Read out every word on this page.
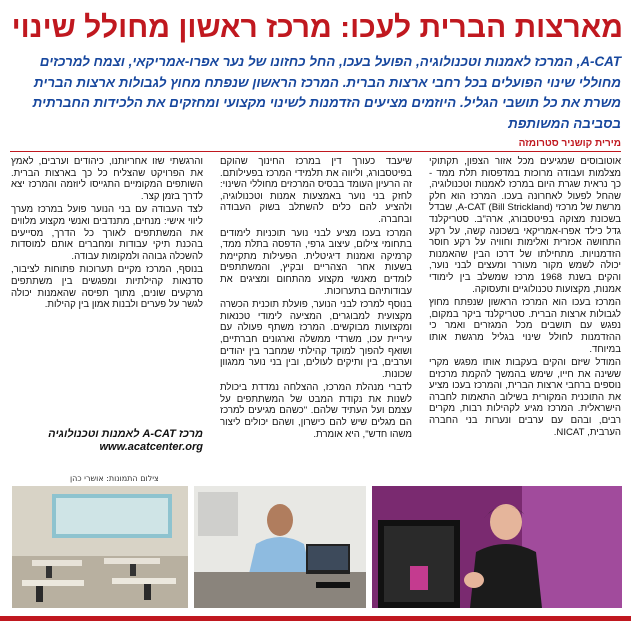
מארצות הברית לעכו: מרכז ראשון מחולל שינוי
A-CAT, המרכז לאמנות וטכנולוגיה, הפועל בעכו, החל כחזונו של נער אפרו-אמריקאי, וצמח למרכזים מחוללי שינוי הפועלים בכל רחבי ארצות הברית. המרכז הראשון שנפתח מחוץ לגבולות ארצות הברית משרת את כל תושבי הגליל. היוזמים מציעים הזדמנות לשינוי מקצועי ומחזקים את הלכידות החברתית בסביבה המשותפת
מירית קושניר סטרומזה

אוטובוסים שמגיעים מכל אזור הצפון, תקתוקי מצלמות ועבודה מרוכזת במדפסות תלת ממד - כך נראית שגרת היום במרכז לאמנות וטכנולוגיה, שהחל לפעול לאחרונה בעכו. המרכז הוא חלק מרשת של מרכזי A-CAT (Bill Strickland), שבדל בשכונת מצוקה בפיטסבורג, ארה"ב. סטריקלנד גדל כילד אפרו-אמריקאי בשכונה קשה, על רקע התחושה אכזרית ואלימות וחוויה על רקע חוסר הזדמנויות. מתחילתו של דרכו הבין שהאמנות יכולה לשמש מקור מעורר ומעצים לבני נוער, והקים בשנת 1968 מרכז שמשלב בין לימודי אמנות, מקצועות טכנולוגיים ותעסוקה.

המרכז בעכו הוא המרכז הראשון שנפתח מחוץ לגבולות ארצות הברית. סטריקלנד ביקר במקום, נפגש עם תושבים מכל המגזרים ואמר כי ההזדמנות לחולל שינוי בגליל מרגשת אותו במיוחד.

המודל שיזם והקים בעקבות אותו מפגש מקרי ששינה את חייו, שימש בהמשך להקמת מרכזים נוספים ברחבי ארצות הברית, והמרכז בעכו מציע את התוכנית המקורית בשילוב התאמות לחברה הישראלית. המרכז מגיע לקהילות רבות, מקרים רבים, ובהם עם ערבים ונערות בני החברה הערבית, NICAT.

שיעבד כעורך דין במרכז החינוך שהוקם בפיטסבורג, וליווה את תלמידי המרכז בפעילותם. זה הרעיון העומד בבסיס המרכזים מחוללי השינוי: לחזק בני נוער באמצעות אמנות וטכנולוגיה, ולהציע להם כלים להשתלב בשוק העבודה ובחברה.

המרכז בעכו מציע לבני נוער תוכניות לימודים בתחומי צילום, עיצוב גרפי, הדפסה בתלת ממד, קרמיקה ואמנות דיגיטלית. הפעילות מתקיימת בשעות אחר הצהריים ובקיץ, והמשתתפים לומדים מאנשי מקצוע מהתחום ומציגים את עבודותיהם בתערוכות.

בנוסף למרכז לבני הנוער, פועלת תוכנית הכשרה מקצועית למבוגרים, המציעה לימודי טכנאות ומקצועות מבוקשים. המרכז משתף פעולה עם עיריית עכו, משרדי ממשלה וארגונים חברתיים, ושואף להפוך למוקד קהילתי שמחבר בין יהודים וערבים, בין ותיקים לעולים, ובין בני נוער ממגוון שכונות.

לדברי מנהלת המרכז, ההצלחה נמדדת ביכולת לשנות את נקודת המבט של המשתתפים על עצמם ועל העתיד שלהם. "כשהם מגיעים למרכז הם מגלים שיש להם כישרון, ושהם יכולים ליצור משהו חדש", היא אומרת.

והרגשתי שזו אחריותנו, כיהודים וערבים, לאמץ את הפרויקט שהצליח כל כך בארצות הברית. השותפים המקומיים התגייסו ליוזמה והמרכז יצא לדרך בזמן קצר.

לצד העבודה עם בני הנוער פועל במרכז מערך ליווי אישי: מנחים, מתנדבים ואנשי מקצוע מלווים את המשתתפים לאורך כל הדרך, מסייעים בהכנת תיקי עבודות ומחברים אותם למוסדות להשכלה גבוהה ולמקומות עבודה.

בנוסף, המרכז מקיים תערוכות פתוחות לציבור, סדנאות קהילתיות ומפגשים בין משתתפים מרקעים שונים, מתוך תפיסה שהאמנות יכולה לגשר על פערים ולבנות אמון בין קהילות.

מרכז A-CAT לאמנות וטכנולוגיה
www.acatcenter.org
צילום התמונות: אושרי כהן
